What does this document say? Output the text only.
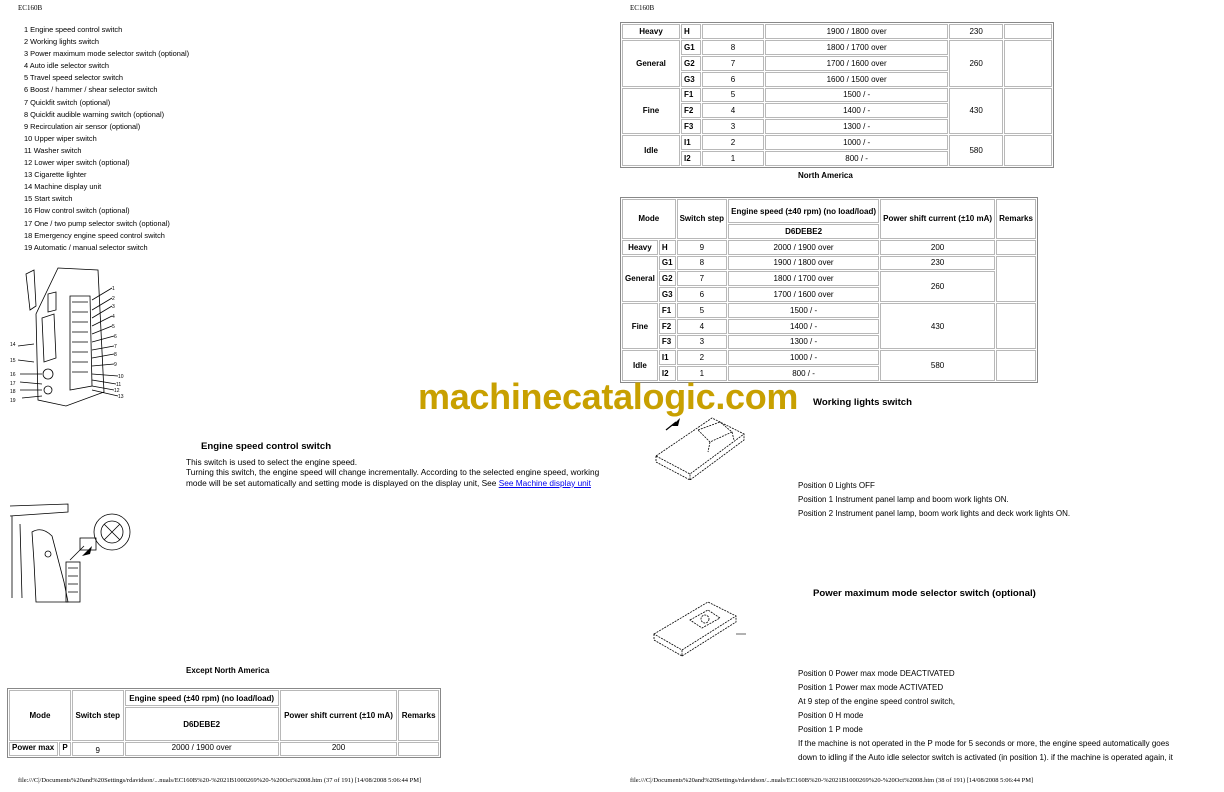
EC160B
1 Engine speed control switch
2 Working lights switch
3 Power maximum mode selector switch (optional)
4 Auto idle selector switch
5 Travel speed selector switch
6 Boost / hammer / shear selector switch
7 Quickfit switch (optional)
8 Quickfit audible warning switch (optional)
9 Recirculation air sensor (optional)
10 Upper wiper switch
11 Washer switch
12 Lower wiper switch (optional)
13 Cigarette lighter
14 Machine display unit
15 Start switch
16 Flow control switch (optional)
17 One / two pump selector switch (optional)
18 Emergency engine speed control switch
19 Automatic / manual selector switch
1
2
3
4
5
6
7
8
9
10
11
12
13
14
15
16
17
18
19
Engine speed control switch
This switch is used to select the engine speed.
Turning this switch, the engine speed will change incrementally. According to the selected engine speed, working mode will be set automatically and setting mode is displayed on the display unit, See See Machine display unit
Except North America
Mode		Switch step	Engine speed (±40 rpm) (no load/load)	Power shift current (±10 mA)	Remarks
			D6DEBE2		
Power max	P	9	2000 / 1900 over	200	
file:///C|/Documents%20and%20Settings/rdavidson/...nuals/EC160B%20-%2021B1000269%20-%20Oct%2008.htm (37 of 191) [14/08/2008 5:06:44 PM]
EC160B
Heavy	H		1900 / 1800 over	230	
General	G1	8	1800 / 1700 over	260	
	G2	7	1700 / 1600 over		
	G3	6	1600 / 1500 over		
Fine	F1	5	1500 / -	430	
	F2	4	1400 / -		
	F3	3	1300 / -		
Idle	I1	2	1000 / -	580	
	I2	1	800 / -		
North America
Mode		Switch step	Engine speed (±40 rpm) (no load/load)	Power shift current (±10 mA)	Remarks
			D6DEBE2		
Heavy	H	9	2000 / 1900 over	200	
General	G1	8	1900 / 1800 over	230	
	G2	7	1800 / 1700 over	260	
	G3	6	1700 / 1600 over		
Fine	F1	5	1500 / -	430	
	F2	4	1400 / -		
	F3	3	1300 / -		
Idle	I1	2	1000 / -	580	
	I2	1	800 / -		
machinecatalogic.com Working lights switch
Position 0 Lights OFF
Position 1 Instrument panel lamp and boom work lights ON.
Position 2 Instrument panel lamp, boom work lights and deck work lights ON.
Power maximum mode selector switch (optional)
Position 0 Power max mode DEACTIVATED
Position 1 Power max mode ACTIVATED
At 9 step of the engine speed control switch,
Position 0 H mode
Position 1 P mode
If the machine is not operated in the P mode for 5 seconds or more, the engine speed automatically goes
down to idling if the Auto idle selector switch is activated (in position 1). if the machine is operated again, it
file:///C|/Documents%20and%20Settings/rdavidson/...nuals/EC160B%20-%2021B1000269%20-%20Oct%2008.htm (38 of 191) [14/08/2008 5:06:44 PM]
